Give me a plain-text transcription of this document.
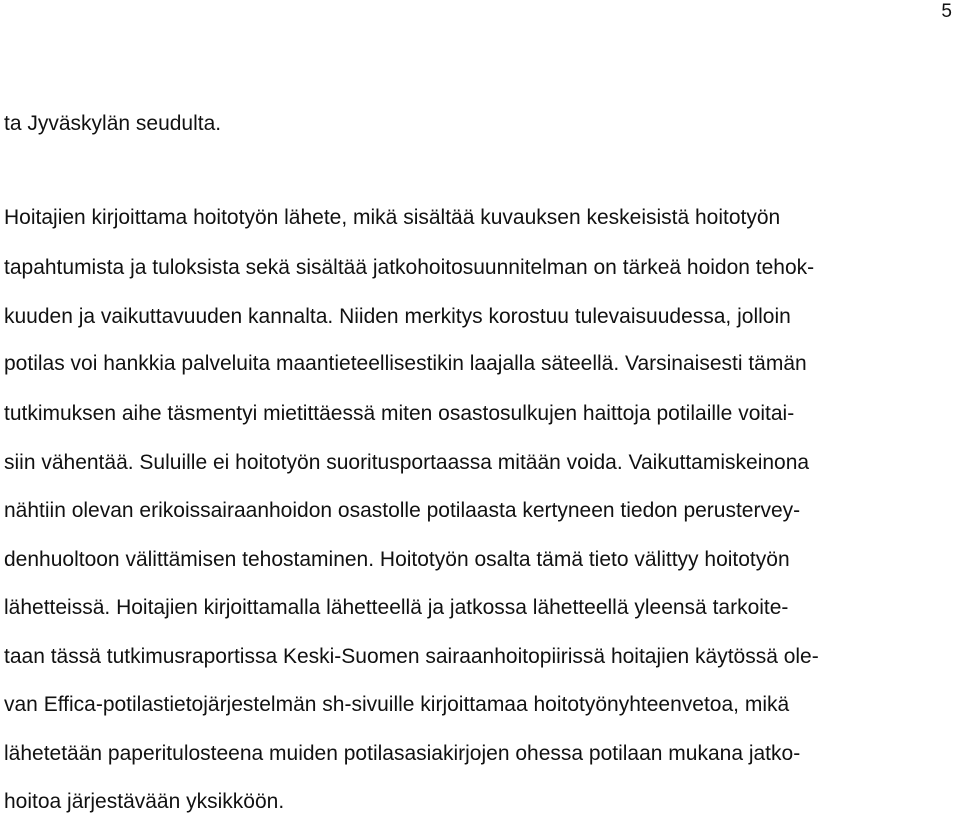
5
ta Jyväskylän seudulta.
Hoitajien kirjoittama hoitotyön lähete, mikä sisältää kuvauksen keskeisistä hoitotyön
tapahtumista ja tuloksista sekä sisältää jatkohoitosuunnitelman on tärkeä hoidon tehok-
kuuden ja vaikuttavuuden kannalta. Niiden merkitys korostuu tulevaisuudessa, jolloin
potilas voi hankkia palveluita maantieteellisestikin laajalla säteellä. Varsinaisesti tämän
tutkimuksen aihe täsmentyi mietittäessä miten osastosulkujen haittoja potilaille voitai-
siin vähentää. Suluille ei hoitotyön suoritusportaassa mitään voida. Vaikuttamiskeinona
nähtiin olevan erikoissairaanhoidon osastolle potilaasta kertyneen tiedon perusterveу-
denhuoltoon välittämisen tehostaminen. Hoitotyön osalta tämä tieto välittyy hoitotyön
lähetteissä. Hoitajien kirjoittamalla lähetteellä ja jatkossa lähetteellä yleensä tarkoite-
taan tässä tutkimusraportissa Keski-Suomen sairaanhoitopiirissä hoitajien käytössä ole-
van Effica-potilastietojärjestelmän sh-sivuille kirjoittamaa hoitotyönyhteenvetoa, mikä
lähetetään paperitulosteena muiden potilasasiakirjojen ohessa potilaan mukana jatko-
hoitoa järjestävään yksikköön.
